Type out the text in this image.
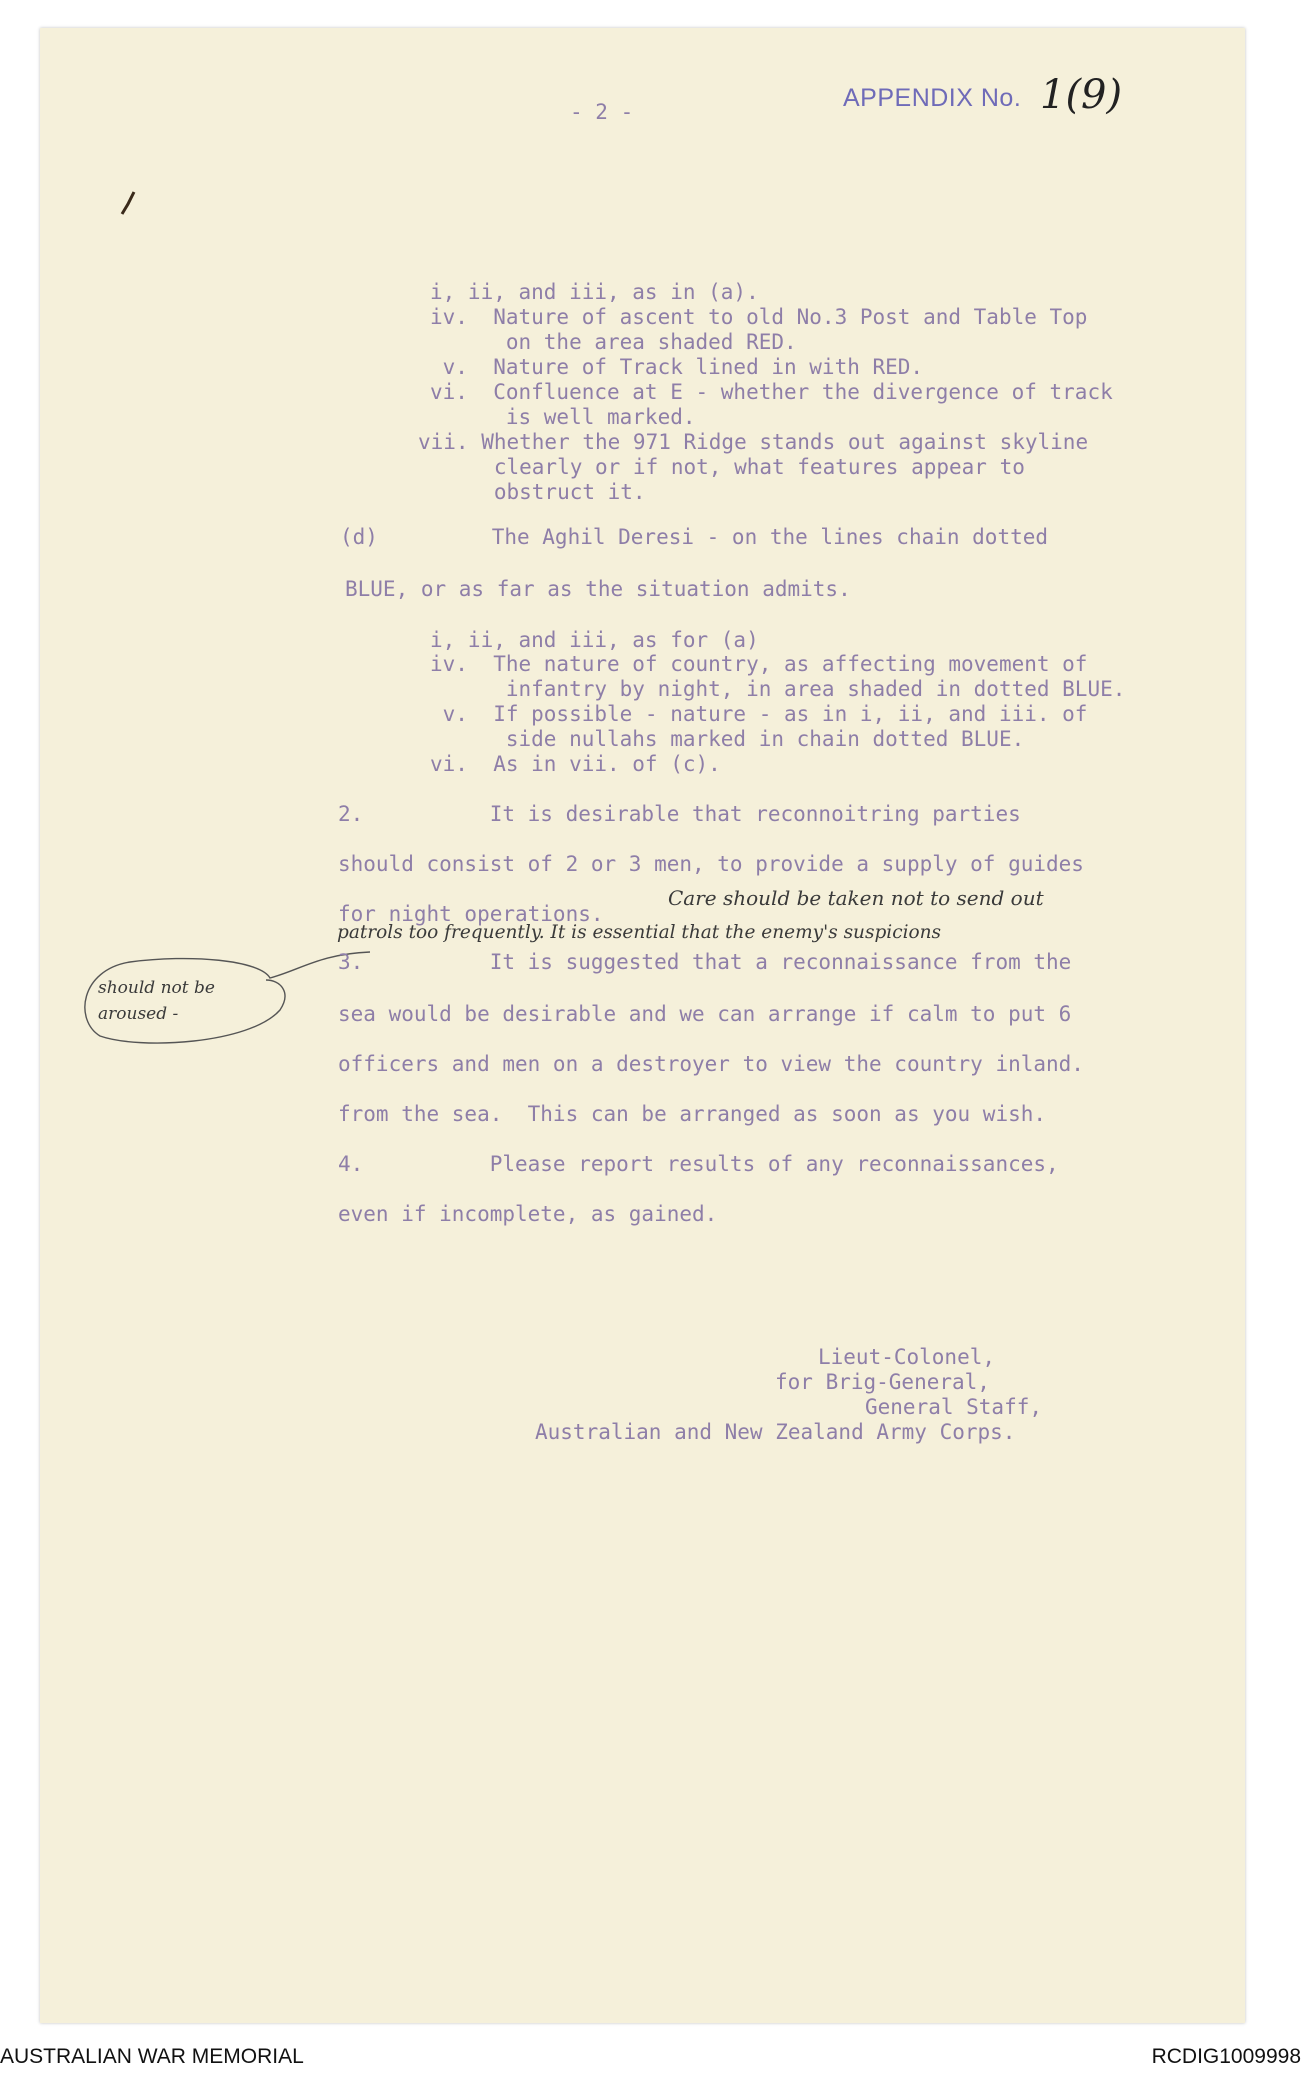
- 2 -	APPENDIX No. 1(9)

i, ii, and iii, as in (a).

iv.  Nature of ascent to old No.3 Post and Table Top
on the area shaded RED.

v.  Nature of Track lined in with RED.

vi.  Confluence at E - whether the divergence of track
is well marked.

vii. Whether the 971 Ridge stands out against skyline
clearly or if not, what features appear to
obstruct it.

(d)         The Aghil Deresi - on the lines chain dotted

BLUE, or as far as the situation admits.

i, ii, and iii, as for (a)

iv.  The nature of country, as affecting movement of
infantry by night, in area shaded in dotted BLUE.

v.  If possible - nature - as in i, ii, and iii. of
side nullahs marked in chain dotted BLUE.

vi.  As in vii. of (c).

2.          It is desirable that reconnoitring parties

should consist of 2 or 3 men, to provide a supply of guides

for night operations.

Care should be taken not to send out

patrols too frequently. It is essential that the enemy's suspicions

should not be
aroused -

3.          It is suggested that a reconnaissance from the

sea would be desirable and we can arrange if calm to put 6

officers and men on a destroyer to view the country inland.

from the sea.  This can be arranged as soon as you wish.

4.          Please report results of any reconnaissances,

even if incomplete, as gained.

Lieut-Colonel,

for Brig-General,

General Staff,

Australian and New Zealand Army Corps.

AUSTRALIAN WAR MEMORIAL	RCDIG1009998
